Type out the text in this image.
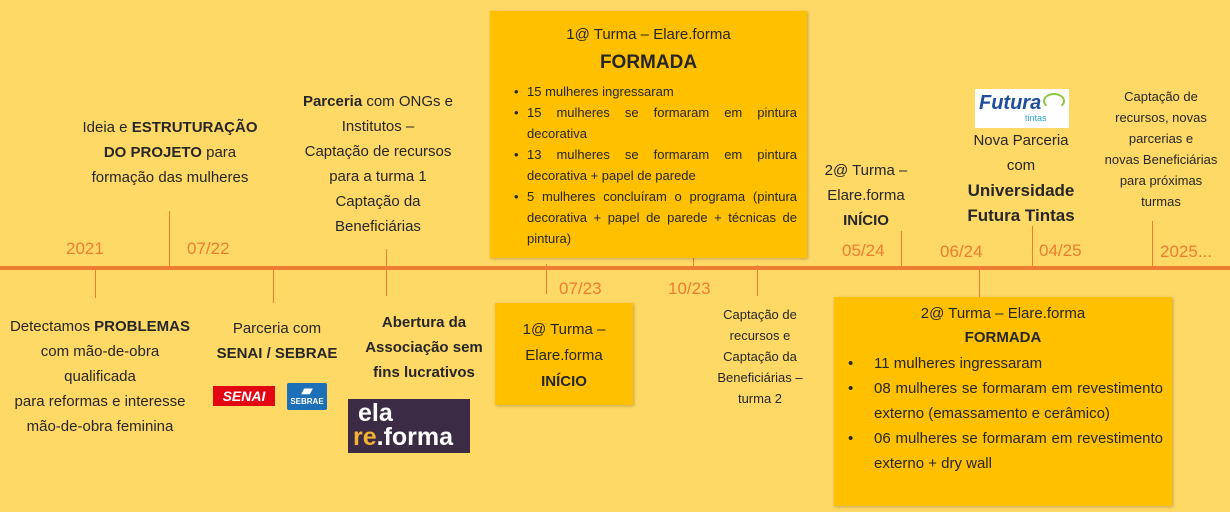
2021	07/22
07/23	10/23
05/24	06/24	04/25	2025...
Ideia e ESTRUTURAÇÃO
DO PROJETO para
formação das mulheres
Parceria com ONGs e
Institutos –
Captação de recursos
para a turma 1
Captação da
Beneficiárias
1@ Turma – Elare.forma
FORMADA
• 15 mulheres ingressaram
• 15 mulheres se formaram em pintura decorativa
• 13 mulheres se formaram em pintura decorativa + papel de parede
• 5 mulheres concluíram o programa (pintura decorativa + papel de parede + técnicas de pintura)
2@ Turma –
Elare.forma
INÍCIO
Futura
tintas
Nova Parceria
com
Universidade
Futura Tintas
Captação de
recursos, novas
parcerias e
novas Beneficiárias
para próximas
turmas
Detectamos PROBLEMAS
com mão-de-obra
qualificada
para reformas e interesse
mão-de-obra feminina
Parceria com
SENAI / SEBRAE
SENAI	▰
SEBRAE
Abertura da
Associação sem
fins lucrativos
ela
re.forma
1@ Turma –
Elare.forma
INÍCIO
Captação de
recursos e
Captação da
Beneficiárias –
turma 2
2@ Turma – Elare.forma
FORMADA
• 11 mulheres ingressaram
• 08 mulheres se formaram em revestimento externo (emassamento e cerâmico)
• 06 mulheres se formaram em revestimento externo + dry wall
